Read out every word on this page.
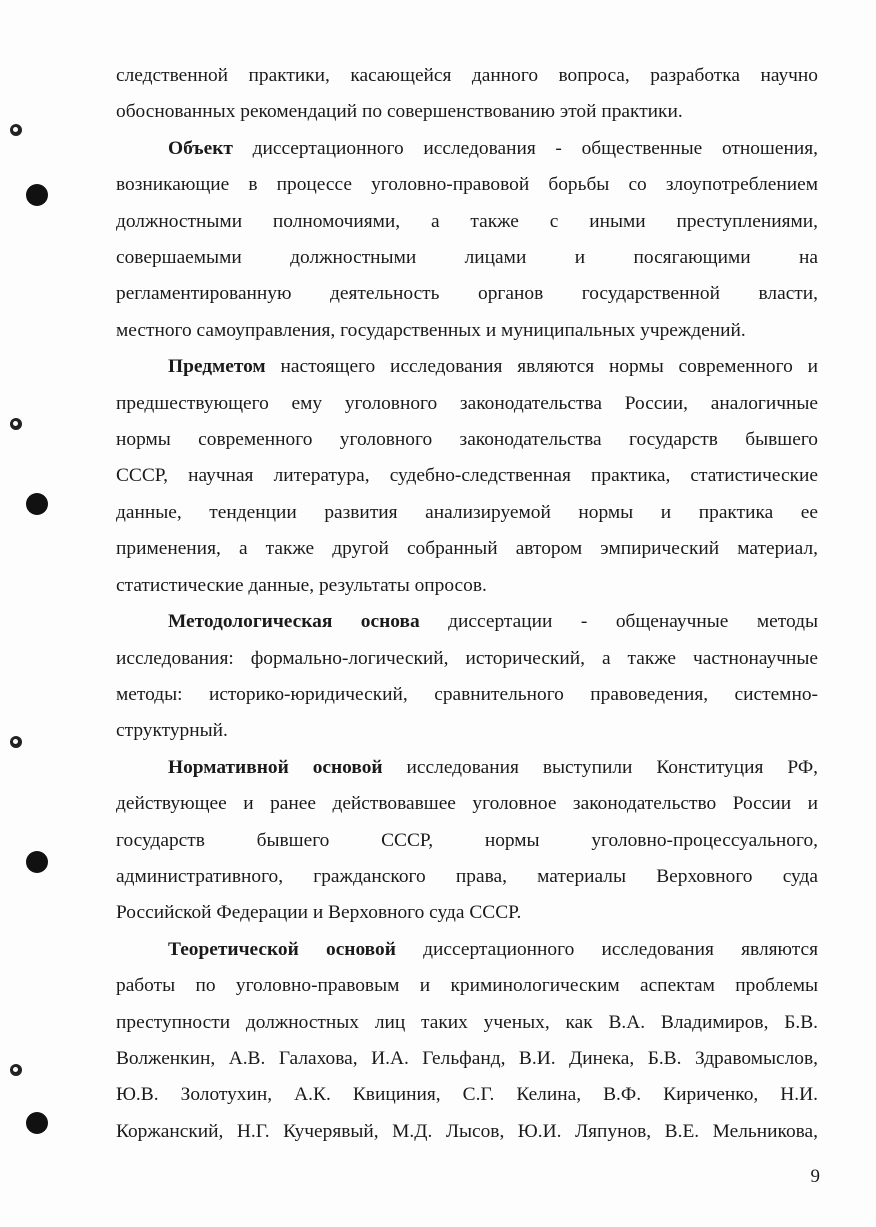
следственной практики, касающейся данного вопроса, разработка научно

обоснованных рекомендаций по совершенствованию этой практики.

Объект диссертационного исследования - общественные отношения,

возникающие в процессе уголовно-правовой борьбы со злоупотреблением

должностными полномочиями, а также с иными преступлениями,

совершаемыми должностными лицами и посягающими на

регламентированную деятельность органов государственной власти,

местного самоуправления, государственных и муниципальных учреждений.

Предметом настоящего исследования являются нормы современного и

предшествующего ему уголовного законодательства России, аналогичные

нормы современного уголовного законодательства государств бывшего

СССР, научная литература, судебно-следственная практика, статистические

данные, тенденции развития анализируемой нормы и практика ее

применения, а также другой собранный автором эмпирический материал,

статистические данные, результаты опросов.

Методологическая основа диссертации - общенаучные методы

исследования: формально-логический, исторический, а также частнонаучные

методы: историко-юридический, сравнительного правоведения, системно-

структурный.

Нормативной основой исследования выступили Конституция РФ,

действующее и ранее действовавшее уголовное законодательство России и

государств бывшего СССР, нормы уголовно-процессуального,

административного, гражданского права, материалы Верховного суда

Российской Федерации и Верховного суда СССР.

Теоретической основой диссертационного исследования являются

работы по уголовно-правовым и криминологическим аспектам проблемы

преступности должностных лиц таких ученых, как В.А. Владимиров, Б.В.

Волженкин, А.В. Галахова, И.А. Гельфанд, В.И. Динека, Б.В. Здравомыслов,

Ю.В. Золотухин, А.К. Квициния, С.Г. Келина, В.Ф. Кириченко, Н.И.

Коржанский, Н.Г. Кучерявый, М.Д. Лысов, Ю.И. Ляпунов, В.Е. Мельникова,

9
